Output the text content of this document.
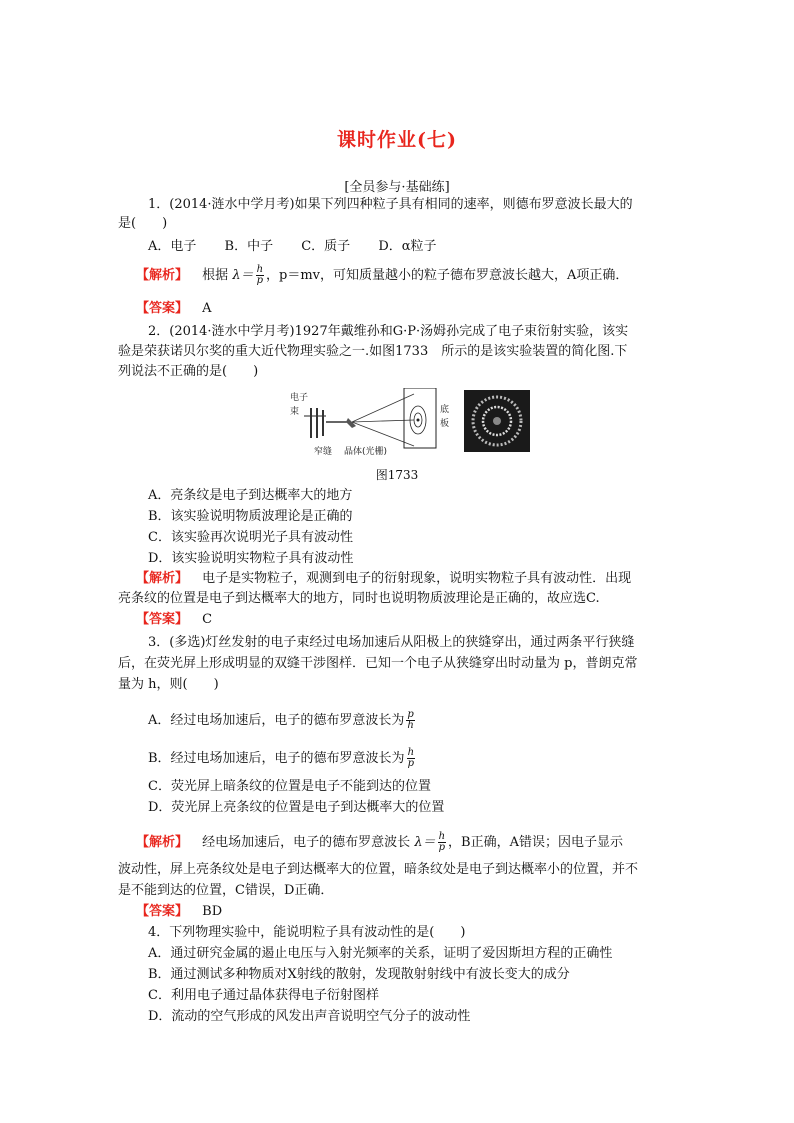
课时作业(七)
[全员参与·基础练]
1．(2014·涟水中学月考)如果下列四种粒子具有相同的速率，则德布罗意波长最大的
是(　　)
A．电子 B．中子 C．质子 D．α粒子
【解析】 根据 $\lambda= \frac{h}{p}$ ，p＝mv，可知质量越小的粒子德布罗意波长越大，A项正确．
【答案】 A
2．(2014·涟水中学月考)1927年戴维孙和G·P·汤姆孙完成了电子束衍射实验，该实
验是荣获诺贝尔奖的重大近代物理实验之一.如图1733　所示的是该实验装置的简化图.下
列说法不正确的是(　　)
电子
束	底
板
窄缝 晶体(光栅)
图1733
A．亮条纹是电子到达概率大的地方
B．该实验说明物质波理论是正确的
C．该实验再次说明光子具有波动性
D．该实验说明实物粒子具有波动性
【解析】 电子是实物粒子，观测到电子的衍射现象，说明实物粒子具有波动性．出现
亮条纹的位置是电子到达概率大的地方，同时也说明物质波理论是正确的，故应选C.
【答案】 C
3．(多选)灯丝发射的电子束经过电场加速后从阳极上的狭缝穿出，通过两条平行狭缝
后，在荧光屏上形成明显的双缝干涉图样．已知一个电子从狭缝穿出时动量为 p，普朗克常
量为 h，则(　　)
A．经过电场加速后，电子的德布罗意波长为 $\frac{p}{h}$
B．经过电场加速后，电子的德布罗意波长为 $\frac{h}{p}$
C．荧光屏上暗条纹的位置是电子不能到达的位置
D．荧光屏上亮条纹的位置是电子到达概率大的位置
【解析】 经电场加速后，电子的德布罗意波长 $\lambda= \frac{h}{p}$ ，B正确，A错误；因电子显示
波动性，屏上亮条纹处是电子到达概率大的位置，暗条纹处是电子到达概率小的位置，并不
是不能到达的位置，C错误，D正确．
【答案】 BD
4．下列物理实验中，能说明粒子具有波动性的是(　　)
A．通过研究金属的遏止电压与入射光频率的关系，证明了爱因斯坦方程的正确性
B．通过测试多种物质对X射线的散射，发现散射射线中有波长变大的成分
C．利用电子通过晶体获得电子衍射图样
D．流动的空气形成的风发出声音说明空气分子的波动性
